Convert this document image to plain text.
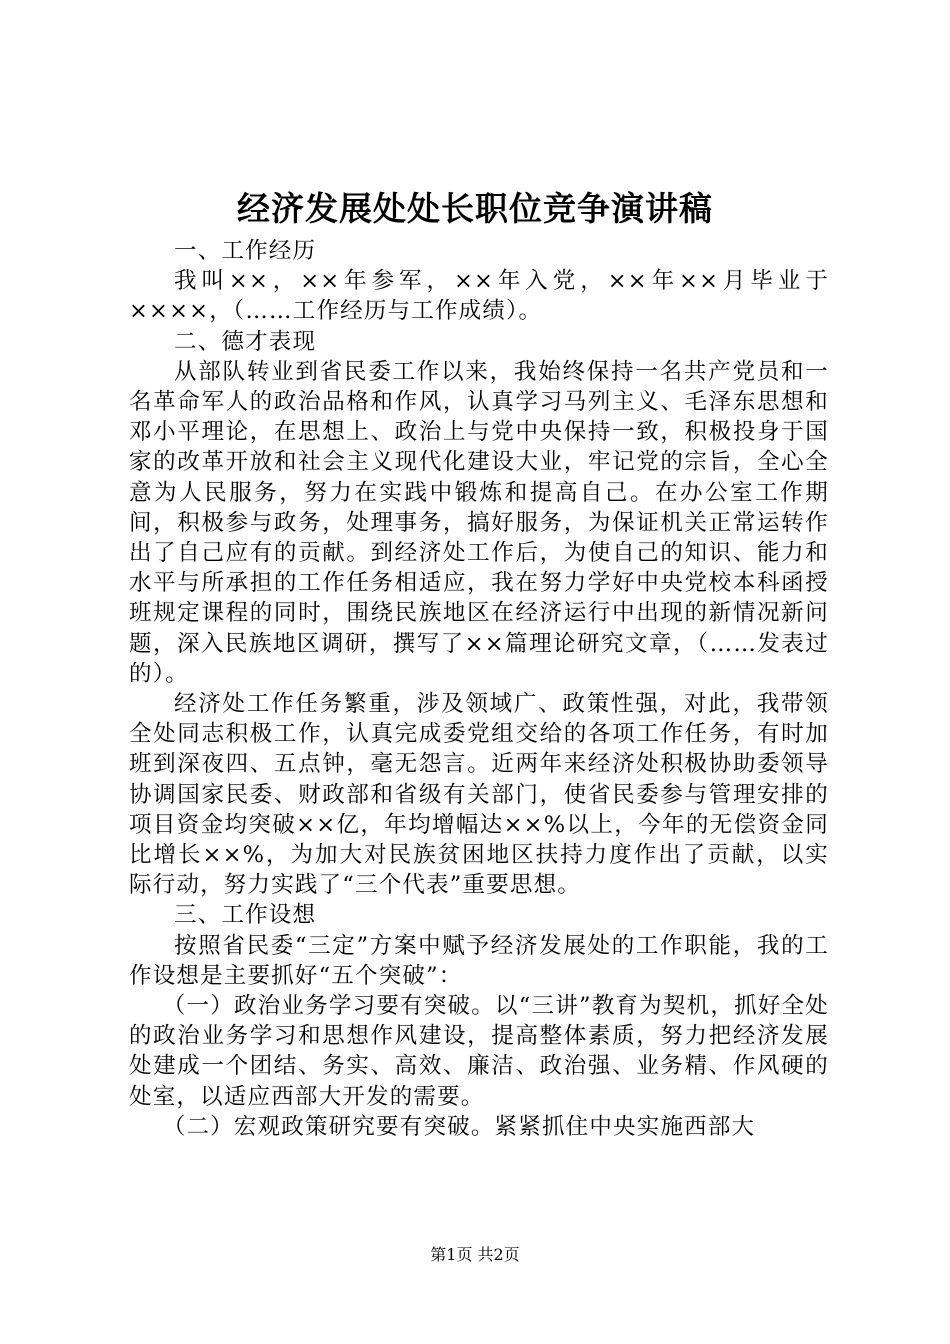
经济发展处处长职位竞争演讲稿

一、工作经历

我叫××，××年参军，××年入党，××年××月毕业于××××，（……工作经历与工作成绩）。

二、德才表现

从部队转业到省民委工作以来，我始终保持一名共产党员和一名革命军人的政治品格和作风，认真学习马列主义、毛泽东思想和邓小平理论，在思想上、政治上与党中央保持一致，积极投身于国家的改革开放和社会主义现代化建设大业，牢记党的宗旨，全心全意为人民服务，努力在实践中锻炼和提高自己。在办公室工作期间，积极参与政务，处理事务，搞好服务，为保证机关正常运转作出了自己应有的贡献。到经济处工作后，为使自己的知识、能力和水平与所承担的工作任务相适应，我在努力学好中央党校本科函授班规定课程的同时，围绕民族地区在经济运行中出现的新情况新问题，深入民族地区调研，撰写了××篇理论研究文章，（……发表过的）。

经济处工作任务繁重，涉及领域广、政策性强，对此，我带领全处同志积极工作，认真完成委党组交给的各项工作任务，有时加班到深夜四、五点钟，毫无怨言。近两年来经济处积极协助委领导协调国家民委、财政部和省级有关部门，使省民委参与管理安排的项目资金均突破××亿，年均增幅达××%以上，今年的无偿资金同比增长××%，为加大对民族贫困地区扶持力度作出了贡献，以实际行动，努力实践了“三个代表”重要思想。

三、工作设想

按照省民委“三定”方案中赋予经济发展处的工作职能，我的工作设想是主要抓好“五个突破”：

（一）政治业务学习要有突破。以“三讲”教育为契机，抓好全处的政治业务学习和思想作风建设，提高整体素质，努力把经济发展处建成一个团结、务实、高效、廉洁、政治强、业务精、作风硬的处室，以适应西部大开发的需要。

（二）宏观政策研究要有突破。紧紧抓住中央实施西部大

第1页 共2页
